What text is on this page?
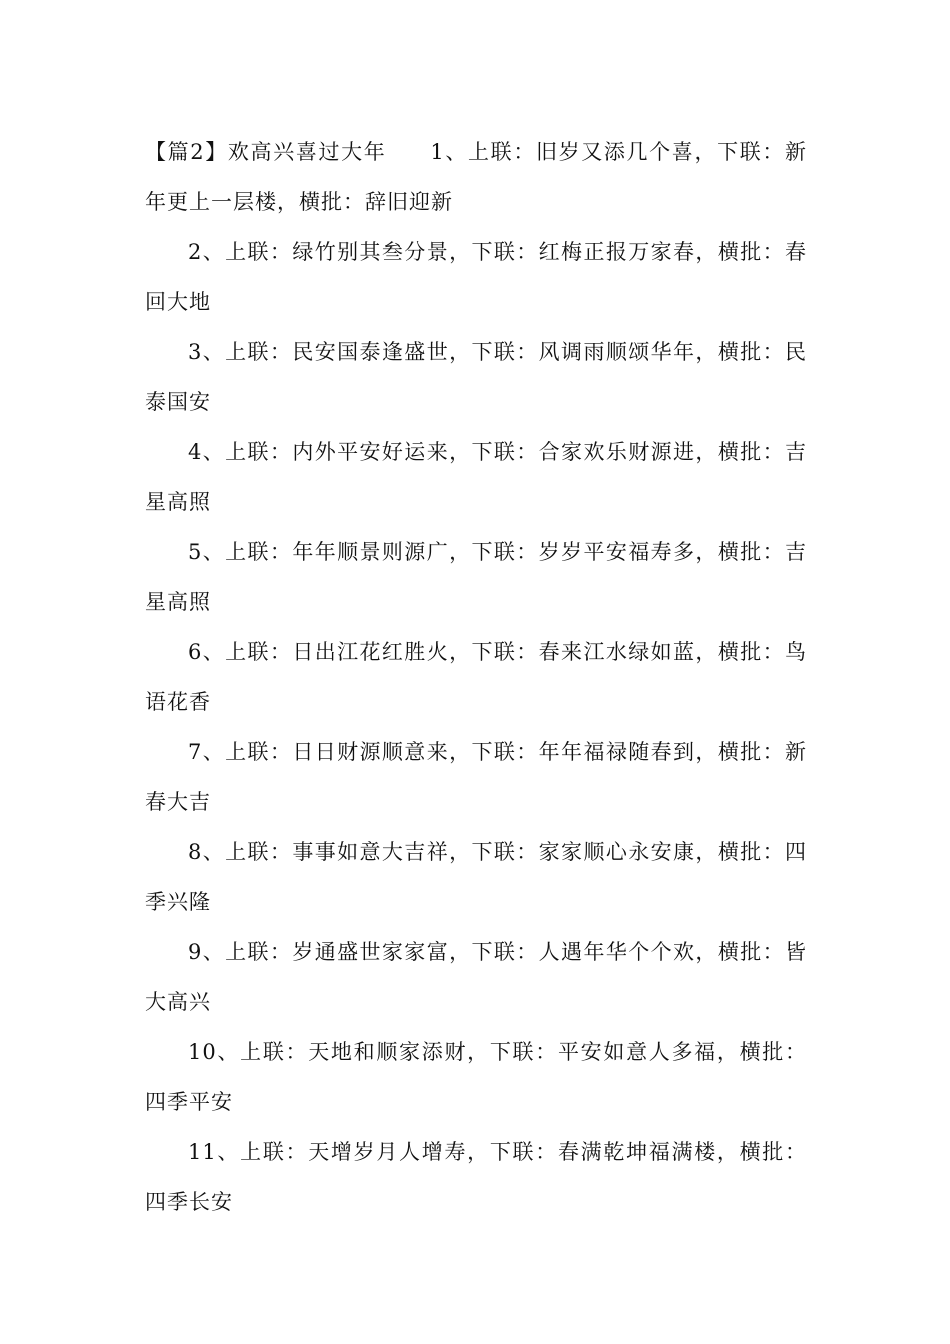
【篇2】欢高兴喜过大年 1、上联：旧岁又添几个喜，下联：新年更上一层楼，横批：辞旧迎新

2、上联：绿竹别其叁分景，下联：红梅正报万家春，横批：春回大地

3、上联：民安国泰逢盛世，下联：风调雨顺颂华年，横批：民泰国安

4、上联：内外平安好运来，下联：合家欢乐财源进，横批：吉星高照

5、上联：年年顺景则源广，下联：岁岁平安福寿多，横批：吉星高照

6、上联：日出江花红胜火，下联：春来江水绿如蓝，横批：鸟语花香

7、上联：日日财源顺意来，下联：年年福禄随春到，横批：新春大吉

8、上联：事事如意大吉祥，下联：家家顺心永安康，横批：四季兴隆

9、上联：岁通盛世家家富，下联：人遇年华个个欢，横批：皆大高兴

10、上联：天地和顺家添财，下联：平安如意人多福，横批：四季平安

11、上联：天增岁月人增寿，下联：春满乾坤福满楼，横批：四季长安
